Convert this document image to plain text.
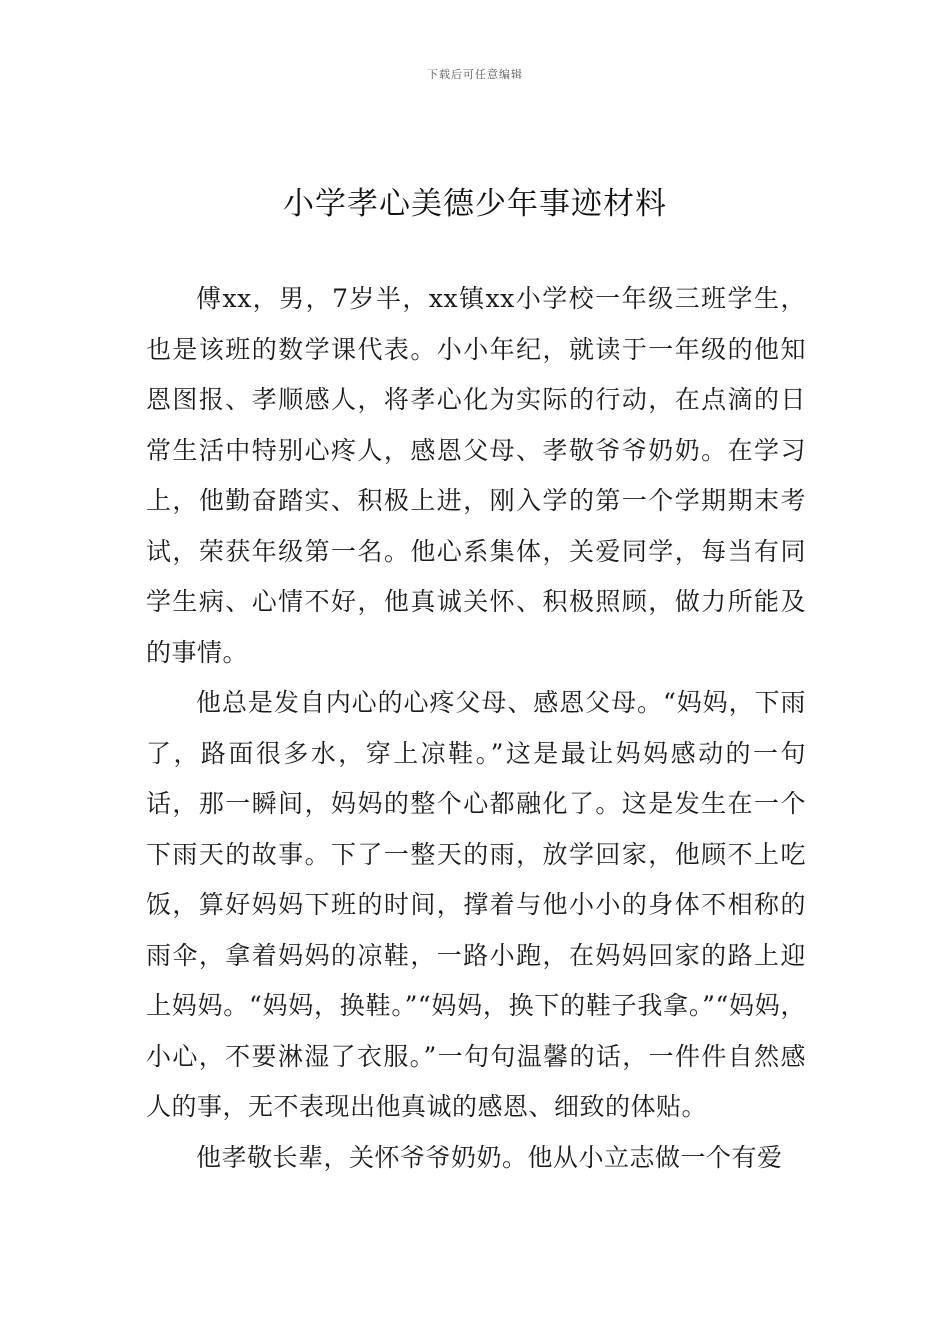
下载后可任意编辑
小学孝心美德少年事迹材料

傅xx，男，7岁半，xx镇xx小学校一年级三班学生，也是该班的数学课代表。小小年纪，就读于一年级的他知恩图报、孝顺感人，将孝心化为实际的行动，在点滴的日常生活中特别心疼人，感恩父母、孝敬爷爷奶奶。在学习上，他勤奋踏实、积极上进，刚入学的第一个学期期末考试，荣获年级第一名。他心系集体，关爱同学，每当有同学生病、心情不好，他真诚关怀、积极照顾，做力所能及的事情。

他总是发自内心的心疼父母、感恩父母。“妈妈，下雨了，路面很多水，穿上凉鞋。”这是最让妈妈感动的一句话，那一瞬间，妈妈的整个心都融化了。这是发生在一个下雨天的故事。下了一整天的雨，放学回家，他顾不上吃饭，算好妈妈下班的时间，撑着与他小小的身体不相称的雨伞，拿着妈妈的凉鞋，一路小跑，在妈妈回家的路上迎上妈妈。“妈妈，换鞋。”“妈妈，换下的鞋子我拿。”“妈妈，小心，不要淋湿了衣服。”一句句温馨的话，一件件自然感人的事，无不表现出他真诚的感恩、细致的体贴。

他孝敬长辈，关怀爷爷奶奶。他从小立志做一个有爱
